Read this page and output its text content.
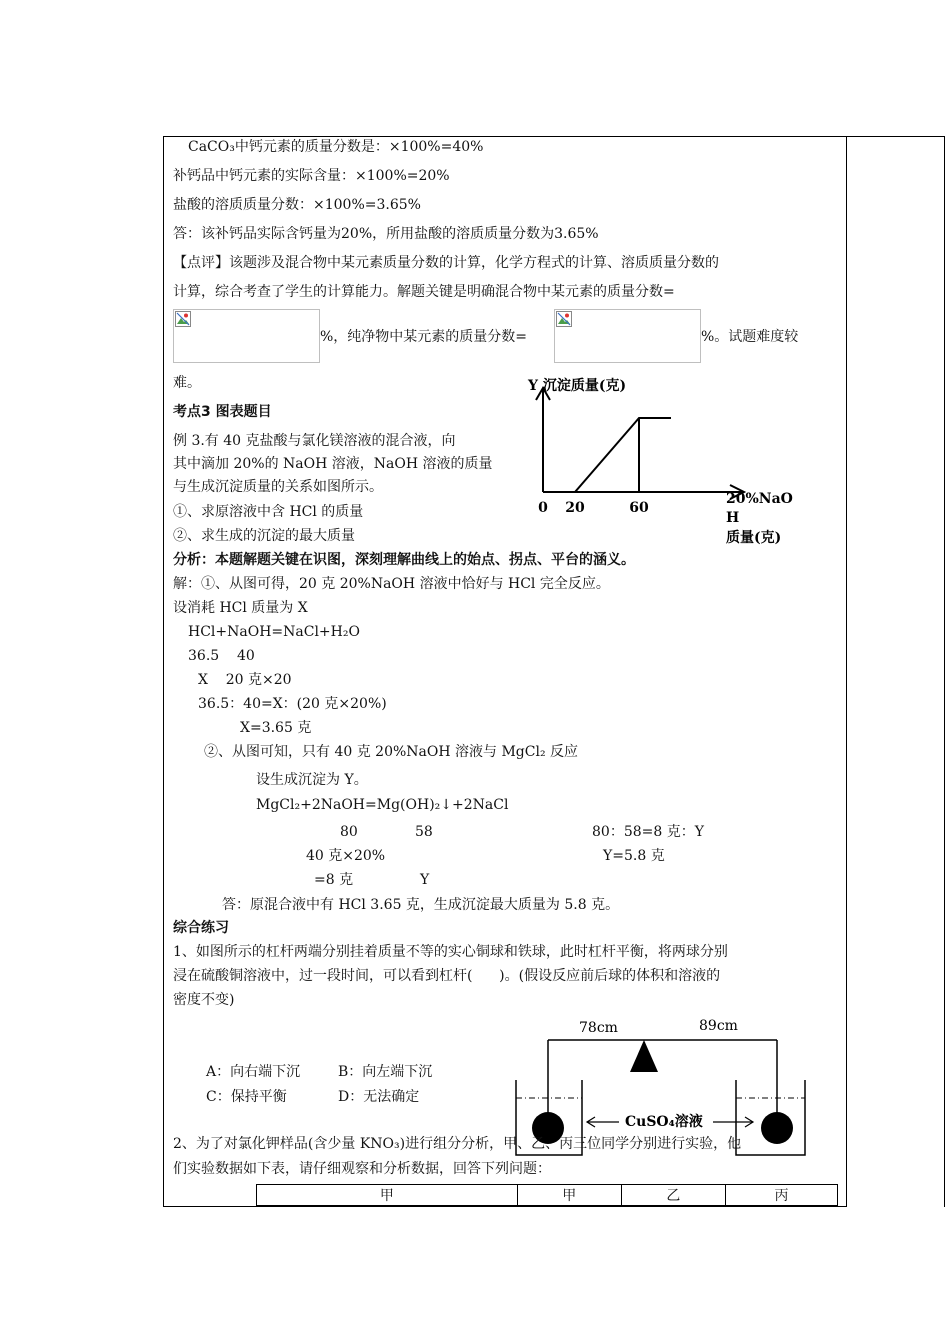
CaCO₃中钙元素的质量分数是：×100%=40%
补钙品中钙元素的实际含量：×100%=20%
盐酸的溶质质量分数：×100%=3.65%
答：该补钙品实际含钙量为20%，所用盐酸的溶质质量分数为3.65%
【点评】该题涉及混合物中某元素质量分数的计算，化学方程式的计算、溶质质量分数的
计算，综合考查了学生的计算能力。解题关键是明确混合物中某元素的质量分数=
%，纯净物中某元素的质量分数=	%。试题难度较
难。
考点3 图表题目
例 3.有 40 克盐酸与氯化镁溶液的混合液，向
其中滴加 20%的 NaOH 溶液，NaOH 溶液的质量
与生成沉淀质量的关系如图所示。
①、求原溶液中含 HCl 的质量
②、求生成的沉淀的最大质量
Y 沉淀质量(克)
0 20	60
20%NaO
H
质量(克)
分析：本题解题关键在识图，深刻理解曲线上的始点、拐点、平台的涵义。
解：①、从图可得，20 克 20%NaOH 溶液中恰好与 HCl 完全反应。
设消耗 HCl 质量为 X
HCl+NaOH=NaCl+H₂O
36.5    40
X    20 克×20
36.5：40=X：(20 克×20%)
X=3.65 克
②、从图可知，只有 40 克 20%NaOH 溶液与 MgCl₂ 反应
设生成沉淀为 Y。
MgCl₂+2NaOH=Mg(OH)₂↓+2NaCl
80	58	80：58=8 克：Y
40 克×20%	Y=5.8 克
=8 克	Y
答：原混合液中有 HCl 3.65 克，生成沉淀最大质量为 5.8 克。
综合练习
1、如图所示的杠杆两端分别挂着质量不等的实心铜球和铁球，此时杠杆平衡，将两球分别
浸在硫酸铜溶液中，过一段时间，可以看到杠杆(      )。(假设反应前后球的体积和溶液的
密度不变)
A：向右端下沉	B：向左端下沉
C：保持平衡	D：无法确定
78cm	89cm
CuSO₄溶液
2、为了对氯化钾样品(含少量 KNO₃)进行组分分析，甲、乙、丙三位同学分别进行实验，他
们实验数据如下表，请仔细观察和分析数据，回答下列问题：
甲	甲	乙	丙
